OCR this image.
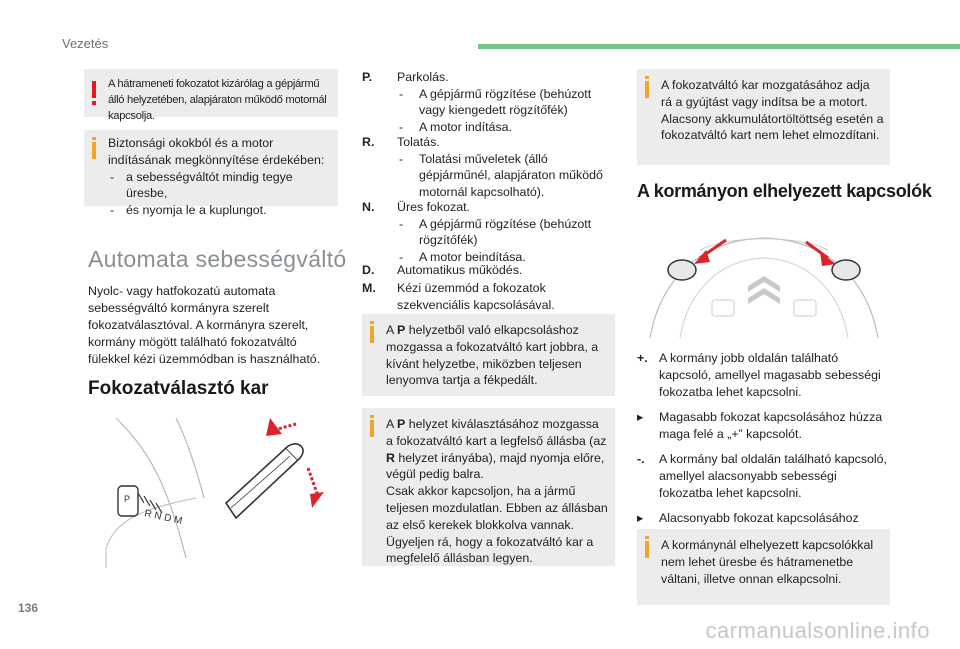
Vezetés
A hátrameneti fokozatot kizárólag a gépjármű álló helyzetében, alapjáraton működő motornál kapcsolja.
Biztonsági okokból és a motor indításának megkönnyítése érdekében:
- a sebességváltót mindig tegye üresbe,
- és nyomja le a kuplungot.
Automata sebességváltó
Nyolc- vagy hatfokozatú automata sebességváltó kormányra szerelt fokozatválasztóval. A kormányra szerelt, kormány mögött található fokozatváltó fülekkel kézi üzemmódban is használható.
Fokozatválasztó kar
P
R N D M
P. Parkolás.
- A gépjármű rögzítése (behúzott vagy kiengedett rögzítőfék)
- A motor indítása.
R. Tolatás.
- Tolatási műveletek (álló gépjárműnél, alapjáraton működő motornál kapcsolható).
N. Üres fokozat.
- A gépjármű rögzítése (behúzott rögzítőfék)
- A motor beindítása.
D. Automatikus működés.
M. Kézi üzemmód a fokozatok szekvenciális kapcsolásával.
A P helyzetből való elkapcsoláshoz mozgassa a fokozatváltó kart jobbra, a kívánt helyzetbe, miközben teljesen lenyomva tartja a fékpedált.
A P helyzet kiválasztásához mozgassa a fokozatváltó kart a legfelső állásba (az R helyzet irányába), majd nyomja előre, végül pedig balra.
Csak akkor kapcsoljon, ha a jármű teljesen mozdulatlan. Ebben az állásban az első kerekek blokkolva vannak.
Ügyeljen rá, hogy a fokozatváltó kar a megfelelő állásban legyen.
A fokozatváltó kar mozgatásához adja rá a gyújtást vagy indítsa be a motort.
Alacsony akkumulátortöltöttség esetén a fokozatváltó kart nem lehet elmozdítani.
A kormányon elhelyezett kapcsolók
+. A kormány jobb oldalán található kapcsoló, amellyel magasabb sebességi fokozatba lehet kapcsolni.
▸ Magasabb fokozat kapcsolásához húzza maga felé a „+” kapcsolót.
-. A kormány bal oldalán található kapcsoló, amellyel alacsonyabb sebességi fokozatba lehet kapcsolni.
▸ Alacsonyabb fokozat kapcsolásához
A kormánynál elhelyezett kapcsolókkal nem lehet üresbe és hátramenetbe váltani, illetve onnan elkapcsolni.
136
carmanualsonline.info
